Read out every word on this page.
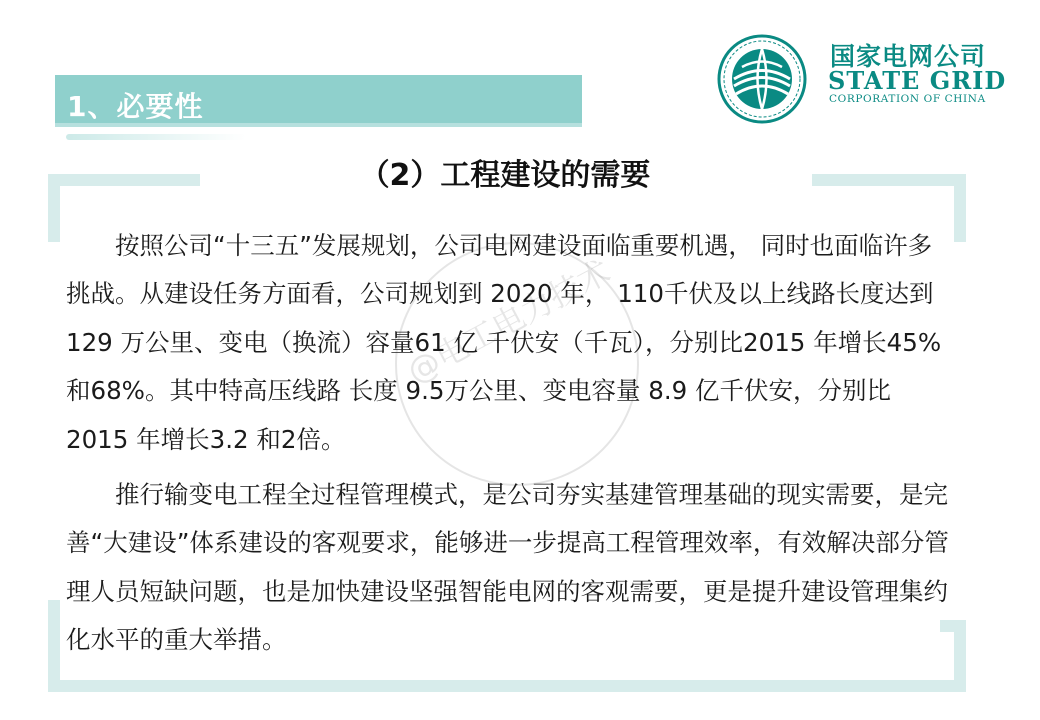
@电工电力技术
1、必要性
国家电网公司
STATE GRID
CORPORATION OF CHINA
（2）工程建设的需要

按照公司“十三五”发展规划，公司电网建设面临重要机遇， 同时也面临许多挑战。从建设任务方面看，公司规划到 2020 年， 110千伏及以上线路长度达到 129 万公里、变电（换流）容量61 亿 千伏安（千瓦），分别比2015 年增长45%和68%。其中特高压线路 长度 9.5万公里、变电容量 8.9 亿千伏安，分别比2015 年增长3.2 和2倍。

推行输变电工程全过程管理模式，是公司夯实基建管理基础的现实需要，是完善“大建设”体系建设的客观要求，能够进一步提高工程管理效率，有效解决部分管理人员短缺问题，也是加快建设坚强智能电网的客观需要，更是提升建设管理集约化水平的重大举措。
